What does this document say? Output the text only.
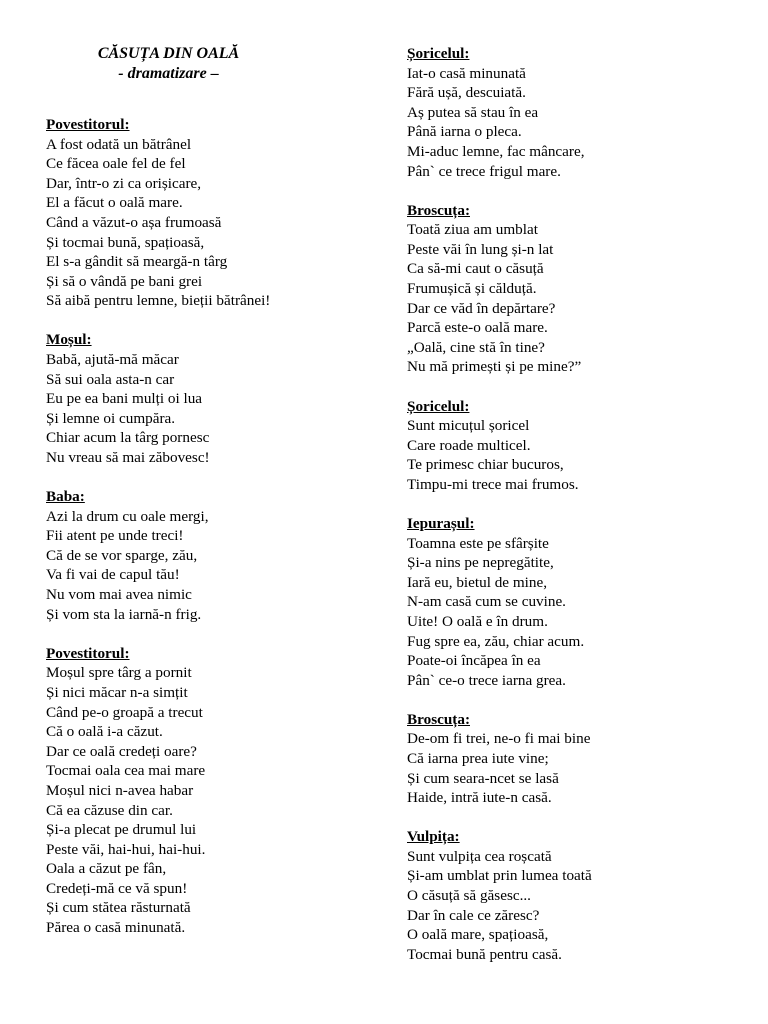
CĂSUȚA DIN OALĂ
- dramatizare –
Povestitorul:
A fost odată un bătrânel
Ce făcea oale fel de fel
Dar, într-o zi ca orișicare,
El a făcut o oală mare.
Când a văzut-o așa frumoasă
Și tocmai bună, spațioasă,
El s-a gândit să meargă-n târg
Și să o vândă pe bani grei
Să aibă pentru lemne, bieții bătrânei!
Moșul:
Babă, ajută-mă măcar
Să sui oala asta-n car
Eu pe ea bani mulți oi lua
Și lemne oi cumpăra.
Chiar acum la târg pornesc
Nu vreau să mai zăbovesc!
Baba:
Azi la drum cu oale mergi,
Fii atent pe unde treci!
Că de se vor sparge, zău,
Va fi vai de capul tău!
Nu vom mai avea nimic
Și vom sta la iarnă-n frig.
Povestitorul:
Moșul spre târg a pornit
Și nici măcar n-a simțit
Când pe-o groapă a trecut
Că o oală i-a căzut.
Dar ce oală credeți oare?
Tocmai oala cea mai mare
Moșul nici n-avea habar
Că ea căzuse din car.
Și-a plecat pe drumul lui
Peste văi, hai-hui, hai-hui.
Oala a căzut pe fân,
Credeți-mă ce vă spun!
Și cum stătea răsturnată
Părea o casă minunată.
Șoricelul:
Iat-o casă minunată
Fără ușă, descuiată.
Aș putea să stau în ea
Până iarna o pleca.
Mi-aduc lemne, fac mâncare,
Pân` ce trece frigul mare.
Broscuța:
Toată ziua am umblat
Peste văi în lung și-n lat
Ca să-mi caut o căsuță
Frumușică și călduță.
Dar ce văd în depărtare?
Parcă este-o oală mare.
„Oală, cine stă în tine?
Nu mă primești și pe mine?”
Șoricelul:
Sunt micuțul șoricel
Care roade multicel.
Te primesc chiar bucuros,
Timpu-mi trece mai frumos.
Iepurașul:
Toamna este pe sfârșite
Și-a nins pe nepregătite,
Iară eu, bietul de mine,
N-am casă cum se cuvine.
Uite! O oală e în drum.
Fug spre ea, zău, chiar acum.
Poate-oi încăpea în ea
Pân` ce-o trece iarna grea.
Broscuța:
De-om fi trei, ne-o fi mai bine
Că iarna prea iute vine;
Și cum seara-ncet se lasă
Haide, intră iute-n casă.
Vulpița:
Sunt vulpița cea roșcată
Și-am umblat prin lumea toată
O căsuță să găsesc...
Dar în cale ce zăresc?
O oală mare, spațioasă,
Tocmai bună pentru casă.
